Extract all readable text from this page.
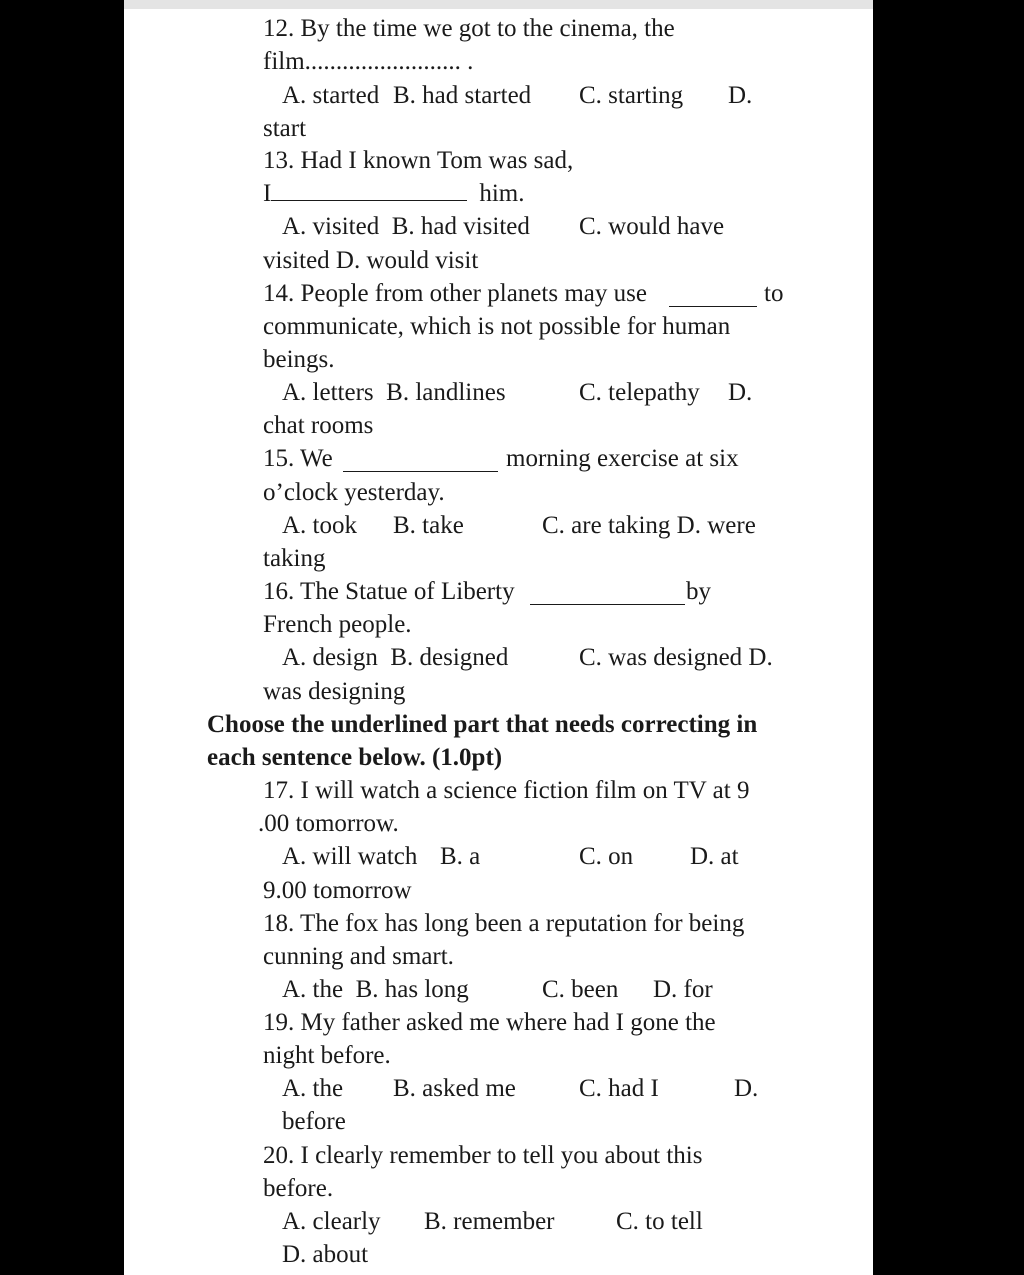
12. By the time we got to the cinema, the
film......................... .
A. started B. had started C. starting D.
start
13. Had I known Tom was sad,
I	him.
A. visited  B. had visited C. would have
visited D. would visit
14. People from other planets may use	to
communicate, which is not possible for human
beings.
A. letters  B. landlines	C. telepathy D.
chat rooms
15. We	morning exercise at six
o’clock yesterday.
A. took B. take	C. are taking D. were
taking
16. The Statue of Liberty	by
French people.
A. design  B. designed	C. was designed D.
was designing
Choose the underlined part that needs correcting in
each sentence below. (1.0pt)
17. I will watch a science fiction film on TV at 9
.00 tomorrow.
A. will watch B. a	C. on D. at
9.00 tomorrow
18. The fox has long been a reputation for being
cunning and smart.
A. the  B. has long	C. been D. for
19. My father asked me where had I gone the
night before.
A. the B. asked me	C. had I	D.
before
20. I clearly remember to tell you about this
before.
A. clearly B. remember C. to tell
D. about
